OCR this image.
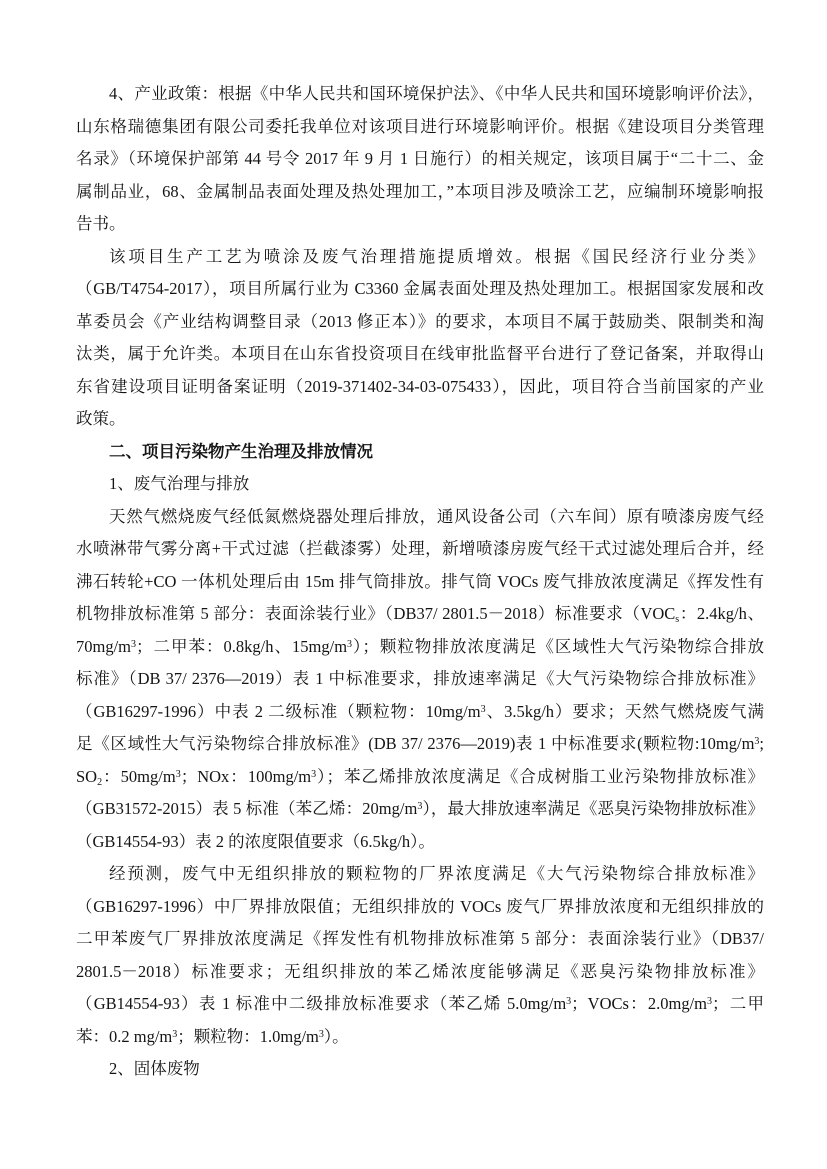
4、产业政策：根据《中华人民共和国环境保护法》、《中华人民共和国环境影响评价法》，
山东格瑞德集团有限公司委托我单位对该项目进行环境影响评价。根据《建设项目分类管理
名录》（环境保护部第 44 号令 2017 年 9 月 1 日施行）的相关规定，该项目属于“二十二、金
属制品业，68、金属制品表面处理及热处理加工，”本项目涉及喷涂工艺，应编制环境影响报
告书。
该项目生产工艺为喷涂及废气治理措施提质增效。根据《国民经济行业分类》
（GB/T4754-2017），项目所属行业为 C3360 金属表面处理及热处理加工。根据国家发展和改
革委员会《产业结构调整目录（2013 修正本）》的要求，本项目不属于鼓励类、限制类和淘
汰类，属于允许类。本项目在山东省投资项目在线审批监督平台进行了登记备案，并取得山
东省建设项目证明备案证明（2019-371402-34-03-075433），因此，项目符合当前国家的产业
政策。
二、项目污染物产生治理及排放情况
1、废气治理与排放
天然气燃烧废气经低氮燃烧器处理后排放，通风设备公司（六车间）原有喷漆房废气经
水喷淋带气雾分离+干式过滤（拦截漆雾）处理，新增喷漆房废气经干式过滤处理后合并，经
沸石转轮+CO 一体机处理后由 15m 排气筒排放。排气筒 VOCs 废气排放浓度满足《挥发性有
机物排放标准第 5 部分：表面涂装行业》（DB37/ 2801.5－2018）标准要求（$VOC_s$：2.4kg/h、
$70mg/m^3$；二甲苯：0.8kg/h、$15mg/m^3$）；颗粒物排放浓度满足《区域性大气污染物综合排放
标准》（DB 37/ 2376—2019）表 1 中标准要求，排放速率满足《大气污染物综合排放标准》
（GB16297-1996）中表 2 二级标准（颗粒物：$10mg/m^3$、3.5kg/h）要求；天然气燃烧废气满
足《区域性大气污染物综合排放标准》(DB 37/ 2376—2019)表 1 中标准要求(颗粒物$:10mg/m^3$;
$SO_2$：$50mg/m^3$；NOx：$100mg/m^3$）；苯乙烯排放浓度满足《合成树脂工业污染物排放标准》
（GB31572-2015）表 5 标准（苯乙烯：$20mg/m^3$），最大排放速率满足《恶臭污染物排放标准》
（GB14554-93）表 2 的浓度限值要求（6.5kg/h）。
经预测，废气中无组织排放的颗粒物的厂界浓度满足《大气污染物综合排放标准》
（GB16297-1996）中厂界排放限值；无组织排放的 VOCs 废气厂界排放浓度和无组织排放的
二甲苯废气厂界排放浓度满足《挥发性有机物排放标准第 5 部分：表面涂装行业》（DB37/
2801.5－2018）标准要求；无组织排放的苯乙烯浓度能够满足《恶臭污染物排放标准》
（GB14554-93）表 1 标准中二级排放标准要求（苯乙烯 $5.0mg/m^3$；VOCs：$2.0mg/m^3$；二甲
苯：0.2 $mg/m^3$；颗粒物：$1.0mg/m^3$）。
2、固体废物
